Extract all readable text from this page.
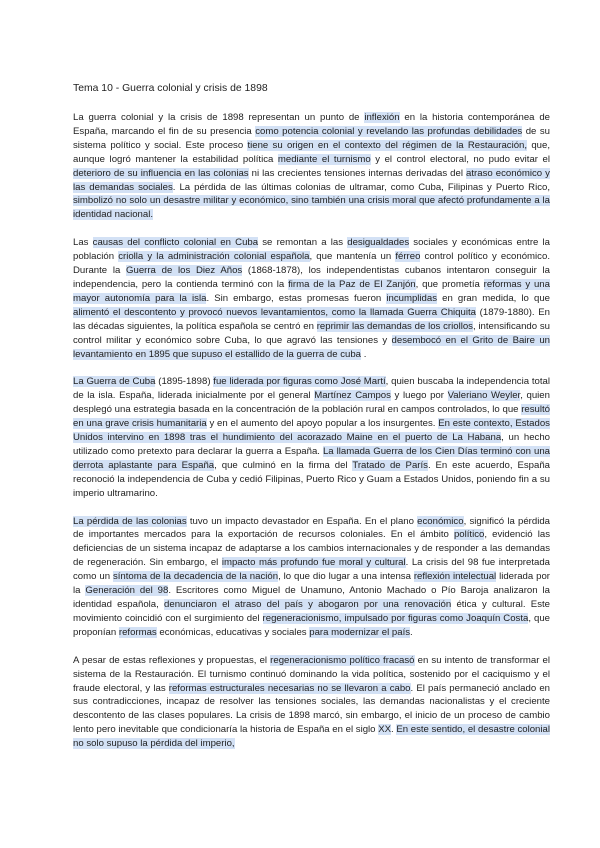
Tema 10 - Guerra colonial y crisis de 1898

La guerra colonial y la crisis de 1898 representan un punto de inflexión en la historia contemporánea de España, marcando el fin de su presencia como potencia colonial y revelando las profundas debilidades de su sistema político y social. Este proceso tiene su origen en el contexto del régimen de la Restauración, que, aunque logró mantener la estabilidad política mediante el turnismo y el control electoral, no pudo evitar el deterioro de su influencia en las colonias ni las crecientes tensiones internas derivadas del atraso económico y las demandas sociales. La pérdida de las últimas colonias de ultramar, como Cuba, Filipinas y Puerto Rico, simbolizó no solo un desastre militar y económico, sino también una crisis moral que afectó profundamente a la identidad nacional.

Las causas del conflicto colonial en Cuba se remontan a las desigualdades sociales y económicas entre la población criolla y la administración colonial española, que mantenía un férreo control político y económico. Durante la Guerra de los Diez Años (1868-1878), los independentistas cubanos intentaron conseguir la independencia, pero la contienda terminó con la firma de la Paz de El Zanjón, que prometía reformas y una mayor autonomía para la isla. Sin embargo, estas promesas fueron incumplidas en gran medida, lo que alimentó el descontento y provocó nuevos levantamientos, como la llamada Guerra Chiquita (1879-1880). En las décadas siguientes, la política española se centró en reprimir las demandas de los criollos, intensificando su control militar y económico sobre Cuba, lo que agravó las tensiones y desembocó en el Grito de Baire un levantamiento en 1895 que supuso el estallido de la guerra de cuba .

La Guerra de Cuba (1895-1898) fue liderada por figuras como José Martí, quien buscaba la independencia total de la isla. España, liderada inicialmente por el general Martínez Campos y luego por Valeriano Weyler, quien desplegó una estrategia basada en la concentración de la población rural en campos controlados, lo que resultó en una grave crisis humanitaria y en el aumento del apoyo popular a los insurgentes. En este contexto, Estados Unidos intervino en 1898 tras el hundimiento del acorazado Maine en el puerto de La Habana, un hecho utilizado como pretexto para declarar la guerra a España. La llamada Guerra de los Cien Días terminó con una derrota aplastante para España, que culminó en la firma del Tratado de París. En este acuerdo, España reconoció la independencia de Cuba y cedió Filipinas, Puerto Rico y Guam a Estados Unidos, poniendo fin a su imperio ultramarino.

La pérdida de las colonias tuvo un impacto devastador en España. En el plano económico, significó la pérdida de importantes mercados para la exportación de recursos coloniales. En el ámbito político, evidenció las deficiencias de un sistema incapaz de adaptarse a los cambios internacionales y de responder a las demandas de regeneración. Sin embargo, el impacto más profundo fue moral y cultural. La crisis del 98 fue interpretada como un síntoma de la decadencia de la nación, lo que dio lugar a una intensa reflexión intelectual liderada por la Generación del 98. Escritores como Miguel de Unamuno, Antonio Machado o Pío Baroja analizaron la identidad española, denunciaron el atraso del país y abogaron por una renovación ética y cultural. Este movimiento coincidió con el surgimiento del regeneracionismo, impulsado por figuras como Joaquín Costa, que proponían reformas económicas, educativas y sociales para modernizar el país.

A pesar de estas reflexiones y propuestas, el regeneracionismo político fracasó en su intento de transformar el sistema de la Restauración. El turnismo continuó dominando la vida política, sostenido por el caciquismo y el fraude electoral, y las reformas estructurales necesarias no se llevaron a cabo. El país permaneció anclado en sus contradicciones, incapaz de resolver las tensiones sociales, las demandas nacionalistas y el creciente descontento de las clases populares. La crisis de 1898 marcó, sin embargo, el inicio de un proceso de cambio lento pero inevitable que condicionaría la historia de España en el siglo XX. En este sentido, el desastre colonial no solo supuso la pérdida del imperio,
